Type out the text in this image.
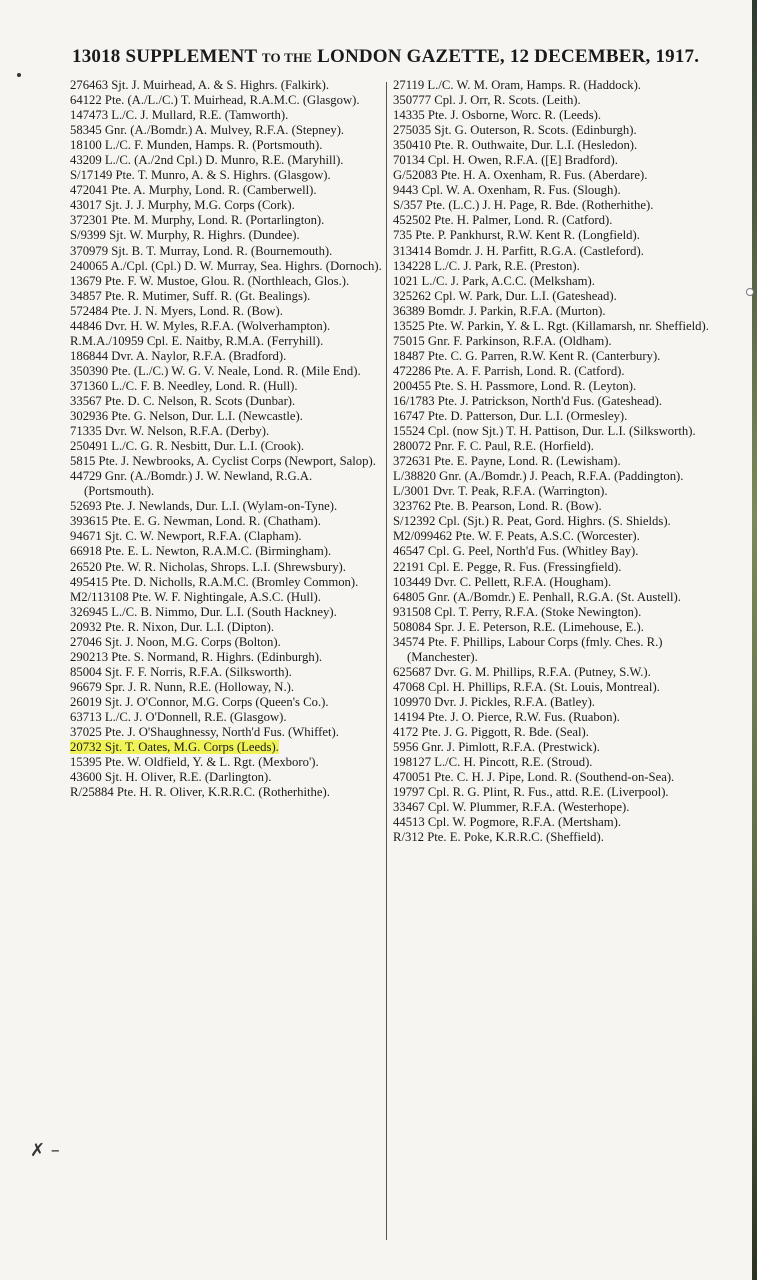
13018 SUPPLEMENT TO THE LONDON GAZETTE, 12 DECEMBER, 1917.
276463 Sjt. J. Muirhead, A. & S. Highrs. (Falkirk).
64122 Pte. (A./L./C.) T. Muirhead, R.A.M.C. (Glasgow).
147473 L./C. J. Mullard, R.E. (Tamworth).
58345 Gnr. (A./Bomdr.) A. Mulvey, R.F.A. (Stepney).
18100 L./C. F. Munden, Hamps. R. (Portsmouth).
43209 L./C. (A./2nd Cpl.) D. Munro, R.E. (Maryhill).
S/17149 Pte. T. Munro, A. & S. Highrs. (Glasgow).
472041 Pte. A. Murphy, Lond. R. (Camberwell).
43017 Sjt. J. J. Murphy, M.G. Corps (Cork).
372301 Pte. M. Murphy, Lond. R. (Portarlington).
S/9399 Sjt. W. Murphy, R. Highrs. (Dundee).
370979 Sjt. B. T. Murray, Lond. R. (Bournemouth).
240065 A./Cpl. (Cpl.) D. W. Murray, Sea. Highrs. (Dornoch).
13679 Pte. F. W. Mustoe, Glou. R. (Northleach, Glos.).
34857 Pte. R. Mutimer, Suff. R. (Gt. Bealings).
572484 Pte. J. N. Myers, Lond. R. (Bow).
44846 Dvr. H. W. Myles, R.F.A. (Wolverhampton).
R.M.A./10959 Cpl. E. Naitby, R.M.A. (Ferryhill).
186844 Dvr. A. Naylor, R.F.A. (Bradford).
350390 Pte. (L./C.) W. G. V. Neale, Lond. R. (Mile End).
371360 L./C. F. B. Needley, Lond. R. (Hull).
33567 Pte. D. C. Nelson, R. Scots (Dunbar).
302936 Pte. G. Nelson, Dur. L.I. (Newcastle).
71335 Dvr. W. Nelson, R.F.A. (Derby).
250491 L./C. G. R. Nesbitt, Dur. L.I. (Crook).
5815 Pte. J. Newbrooks, A. Cyclist Corps (Newport, Salop).
44729 Gnr. (A./Bomdr.) J. W. Newland, R.G.A. (Portsmouth).
52693 Pte. J. Newlands, Dur. L.I. (Wylam-on-Tyne).
393615 Pte. E. G. Newman, Lond. R. (Chatham).
94671 Sjt. C. W. Newport, R.F.A. (Clapham).
66918 Pte. E. L. Newton, R.A.M.C. (Birmingham).
26520 Pte. W. R. Nicholas, Shrops. L.I. (Shrewsbury).
495415 Pte. D. Nicholls, R.A.M.C. (Bromley Common).
M2/113108 Pte. W. F. Nightingale, A.S.C. (Hull).
326945 L./C. B. Nimmo, Dur. L.I. (South Hackney).
20932 Pte. R. Nixon, Dur. L.I. (Dipton).
27046 Sjt. J. Noon, M.G. Corps (Bolton).
290213 Pte. S. Normand, R. Highrs. (Edinburgh).
85004 Sjt. F. F. Norris, R.F.A. (Silksworth).
96679 Spr. J. R. Nunn, R.E. (Holloway, N.).
26019 Sjt. J. O'Connor, M.G. Corps (Queen's Co.).
63713 L./C. J. O'Donnell, R.E. (Glasgow).
37025 Pte. J. O'Shaughnessy, North'd Fus. (Whiffet).
20732 Sjt. T. Oates, M.G. Corps (Leeds).
15395 Pte. W. Oldfield, Y. & L. Rgt. (Mexboro').
43600 Sjt. H. Oliver, R.E. (Darlington).
R/25884 Pte. H. R. Oliver, K.R.R.C. (Rotherhithe).
27119 L./C. W. M. Oram, Hamps. R. (Haddock).
350777 Cpl. J. Orr, R. Scots. (Leith).
14335 Pte. J. Osborne, Worc. R. (Leeds).
275035 Sjt. G. Outerson, R. Scots. (Edinburgh).
350410 Pte. R. Outhwaite, Dur. L.I. (Hesledon).
70134 Cpl. H. Owen, R.F.A. ([E] Bradford).
G/52083 Pte. H. A. Oxenham, R. Fus. (Aberdare).
9443 Cpl. W. A. Oxenham, R. Fus. (Slough).
S/357 Pte. (L.C.) J. H. Page, R. Bde. (Rotherhithe).
452502 Pte. H. Palmer, Lond. R. (Catford).
735 Pte. P. Pankhurst, R.W. Kent R. (Longfield).
313414 Bomdr. J. H. Parfitt, R.G.A. (Castleford).
134228 L./C. J. Park, R.E. (Preston).
1021 L./C. J. Park, A.C.C. (Melksham).
325262 Cpl. W. Park, Dur. L.I. (Gateshead).
36389 Bomdr. J. Parkin, R.F.A. (Murton).
13525 Pte. W. Parkin, Y. & L. Rgt. (Killamarsh, nr. Sheffield).
75015 Gnr. F. Parkinson, R.F.A. (Oldham).
18487 Pte. C. G. Parren, R.W. Kent R. (Canterbury).
472286 Pte. A. F. Parrish, Lond. R. (Catford).
200455 Pte. S. H. Passmore, Lond. R. (Leyton).
16/1783 Pte. J. Patrickson, North'd Fus. (Gateshead).
16747 Pte. D. Patterson, Dur. L.I. (Ormesley).
15524 Cpl. (now Sjt.) T. H. Pattison, Dur. L.I. (Silksworth).
280072 Pnr. F. C. Paul, R.E. (Horfield).
372631 Pte. E. Payne, Lond. R. (Lewisham).
L/38820 Gnr. (A./Bomdr.) J. Peach, R.F.A. (Paddington).
L/3001 Dvr. T. Peak, R.F.A. (Warrington).
323762 Pte. B. Pearson, Lond. R. (Bow).
S/12392 Cpl. (Sjt.) R. Peat, Gord. Highrs. (S. Shields).
M2/099462 Pte. W. F. Peats, A.S.C. (Worcester).
46547 Cpl. G. Peel, North'd Fus. (Whitley Bay).
22191 Cpl. E. Pegge, R. Fus. (Fressingfield).
103449 Dvr. C. Pellett, R.F.A. (Hougham).
64805 Gnr. (A./Bomdr.) E. Penhall, R.G.A. (St. Austell).
931508 Cpl. T. Perry, R.F.A. (Stoke Newington).
508084 Spr. J. E. Peterson, R.E. (Limehouse, E.).
34574 Pte. F. Phillips, Labour Corps (fmly. Ches. R.) (Manchester).
625687 Dvr. G. M. Phillips, R.F.A. (Putney, S.W.).
47068 Cpl. H. Phillips, R.F.A. (St. Louis, Montreal).
109970 Dvr. J. Pickles, R.F.A. (Batley).
14194 Pte. J. O. Pierce, R.W. Fus. (Ruabon).
4172 Pte. J. G. Piggott, R. Bde. (Seal).
5956 Gnr. J. Pimlott, R.F.A. (Prestwick).
198127 L./C. H. Pincott, R.E. (Stroud).
470051 Pte. C. H. J. Pipe, Lond. R. (Southend-on-Sea).
19797 Cpl. R. G. Plint, R. Fus., attd. R.E. (Liverpool).
33467 Cpl. W. Plummer, R.F.A. (Westerhope).
44513 Cpl. W. Pogmore, R.F.A. (Mertsham).
R/312 Pte. E. Poke, K.R.R.C. (Sheffield).
✗ –
